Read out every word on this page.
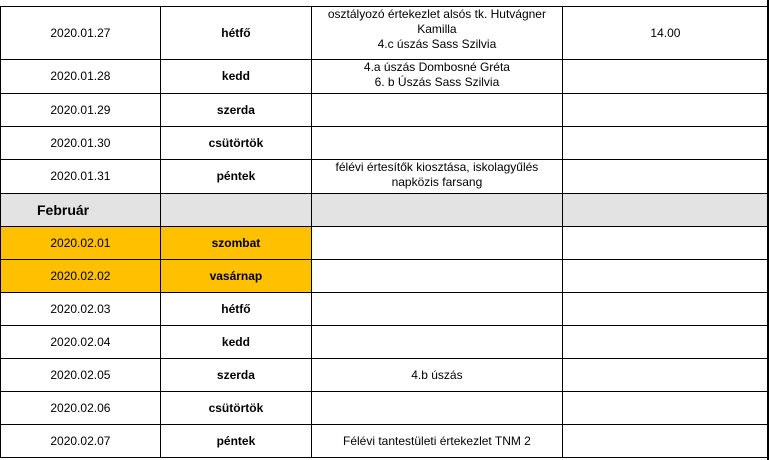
2020.01.27	hétfő	osztályozó értekezlet alsós tk. Hutvágner
Kamilla
4.c úszás Sass Szilvia	14.00
2020.01.28	kedd	4.a úszás Dombosné Gréta
6. b Úszás Sass Szilvia	

2020.01.29	szerda		
2020.01.30	csütörtök		
2020.01.31	péntek	félévi értesítők kiosztása, iskolagyűlés
napközis farsang	

Február			
2020.02.01	szombat		
2020.02.02	vasárnap		
2020.02.03	hétfő		
2020.02.04	kedd		
2020.02.05	szerda	4.b úszás	
2020.02.06	csütörtök		
2020.02.07	péntek	Félévi tantestületi értekezlet TNM 2	
